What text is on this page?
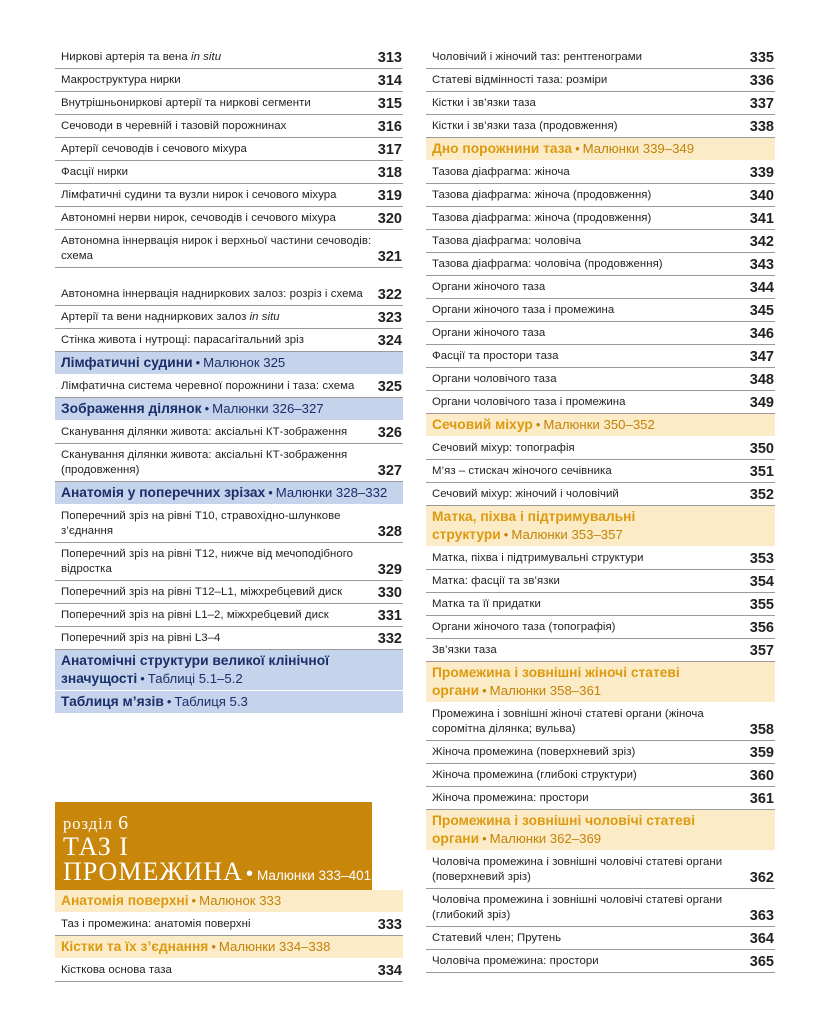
Ниркові артерія та вена in situ	313
Макроструктура нирки	314
Внутрішньониркові артерії та ниркові сегменти	315
Сечоводи в черевній і тазовій порожнинах	316
Артерії сечоводів і сечового міхура	317
Фасції нирки	318
Лімфатичні судини та вузли нирок і сечового міхура	319
Автономні нерви нирок, сечоводів і сечового міхура	320
Автономна іннервація нирок і верхньої частини сечоводів: схема	321
Автономна іннервація надниркових залоз: розріз і схема	322
Артерії та вени надниркових залоз in situ	323
Стінка живота і нутрощі: парасагітальний зріз	324
Лімфатичні судини • Малюнок 325
Лімфатична система черевної порожнини і таза: схема	325
Зображення ділянок • Малюнки 326–327
Сканування ділянки живота: аксіальні КТ-зображення	326
Сканування ділянки живота: аксіальні КТ-зображення (продовження)	327
Анатомія у поперечних зрізах • Малюнки 328–332
Поперечний зріз на рівні Т10, стравохідно-шлункове з’єднання	328
Поперечний зріз на рівні Т12, нижче від мечоподібного відростка	329
Поперечний зріз на рівні T12–L1, міжхребцевий диск	330
Поперечний зріз на рівні L1–2, міжхребцевий диск	331
Поперечний зріз на рівні L3–4	332
Анатомічні структури великої клінічної значущості • Таблиці 5.1–5.2
Таблиця м’язів • Таблиця 5.3
розділ 6
ТАЗ І
ПРОМЕЖИНА • Малюнки 333–401
Анатомія поверхні • Малюнок 333
Таз і промежина: анатомія поверхні	333
Кістки та їх з’єднання • Малюнки 334–338
Кісткова основа таза	334
Чоловічий і жіночий таз: рентгенограми	335
Статеві відмінності таза: розміри	336
Кістки і зв’язки таза	337
Кістки і зв’язки таза (продовження)	338
Дно порожнини таза • Малюнки 339–349
Тазова діафрагма: жіноча	339
Тазова діафрагма: жіноча (продовження)	340
Тазова діафрагма: жіноча (продовження)	341
Тазова діафрагма: чоловіча	342
Тазова діафрагма: чоловіча (продовження)	343
Органи жіночого таза	344
Органи жіночого таза і промежина	345
Органи жіночого таза	346
Фасції та простори таза	347
Органи чоловічого таза	348
Органи чоловічого таза і промежина	349
Сечовий міхур • Малюнки 350–352
Сечовий міхур: топографія	350
М’яз – стискач жіночого сечівника	351
Сечовий міхур: жіночий і чоловічий	352
Матка, піхва і підтримувальні структури • Малюнки 353–357
Матка, піхва і підтримувальні структури	353
Матка: фасції та зв’язки	354
Матка та її придатки	355
Органи жіночого таза (топографія)	356
Зв’язки таза	357
Промежина і зовнішні жіночі статеві органи • Малюнки 358–361
Промежина і зовнішні жіночі статеві органи (жіноча соромітна ділянка; вульва)	358
Жіноча промежина (поверхневий зріз)	359
Жіноча промежина (глибокі структури)	360
Жіноча промежина: простори	361
Промежина і зовнішні чоловічі статеві органи • Малюнки 362–369
Чоловіча промежина і зовнішні чоловічі статеві органи (поверхневий зріз)	362
Чоловіча промежина і зовнішні чоловічі статеві органи (глибокий зріз)	363
Статевий член; Прутень	364
Чоловіча промежина: простори	365
